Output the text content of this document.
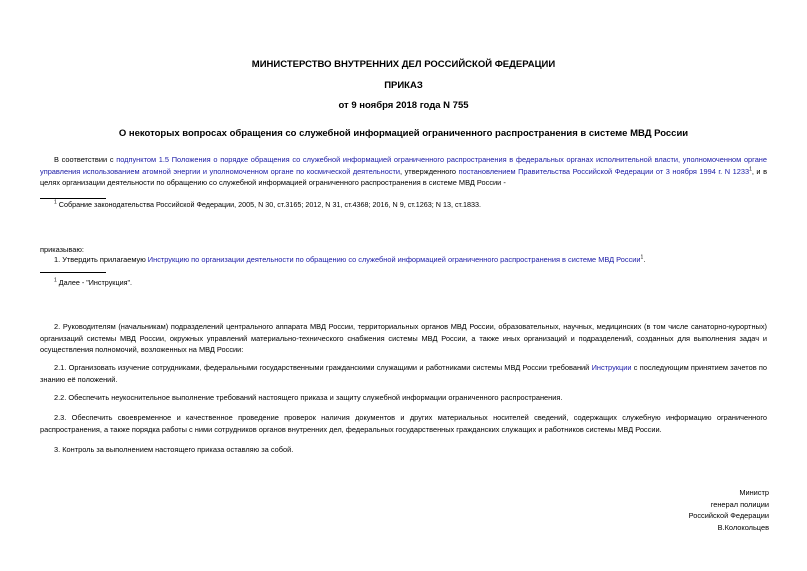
МИНИСТЕРСТВО ВНУТРЕННИХ ДЕЛ РОССИЙСКОЙ ФЕДЕРАЦИИ
ПРИКАЗ
от 9 ноября 2018 года N 755
О некоторых вопросах обращения со служебной информацией ограниченного распространения в системе МВД России
В соответствии с подпунктом 1.5 Положения о порядке обращения со служебной информацией ограниченного распространения в федеральных органах исполнительной власти, уполномоченном органе управления использованием атомной энергии и уполномоченном органе по космической деятельности, утвержденного постановлением Правительства Российской Федерации от 3 ноября 1994 г. N 1233$^1$, и в целях организации деятельности по обращению со служебной информацией ограниченного распространения в системе МВД России -
$^1$ Собрание законодательства Российской Федерации, 2005, N 30, ст.3165; 2012, N 31, ст.4368; 2016, N 9, ст.1263; N 13, ст.1833.
приказываю:
1. Утвердить прилагаемую Инструкцию по организации деятельности по обращению со служебной информацией ограниченного распространения в системе МВД России$^1$.
$^1$ Далее - "Инструкция".
2. Руководителям (начальникам) подразделений центрального аппарата МВД России, территориальных органов МВД России, образовательных, научных, медицинских (в том числе санаторно-курортных) организаций системы МВД России, окружных управлений материально-технического снабжения системы МВД России, а также иных организаций и подразделений, созданных для выполнения задач и осуществления полномочий, возложенных на МВД России:
2.1. Организовать изучение сотрудниками, федеральными государственными гражданскими служащими и работниками системы МВД России требований Инструкции с последующим принятием зачетов по знанию её положений.
2.2. Обеспечить неукоснительное выполнение требований настоящего приказа и защиту служебной информации ограниченного распространения.
2.3. Обеспечить своевременное и качественное проведение проверок наличия документов и других материальных носителей сведений, содержащих служебную информацию ограниченного распространения, а также порядка работы с ними сотрудников органов внутренних дел, федеральных государственных гражданских служащих и работников системы МВД России.
3. Контроль за выполнением настоящего приказа оставляю за собой.
Министр
генерал полиции
Российской Федерации
В.Колокольцев
